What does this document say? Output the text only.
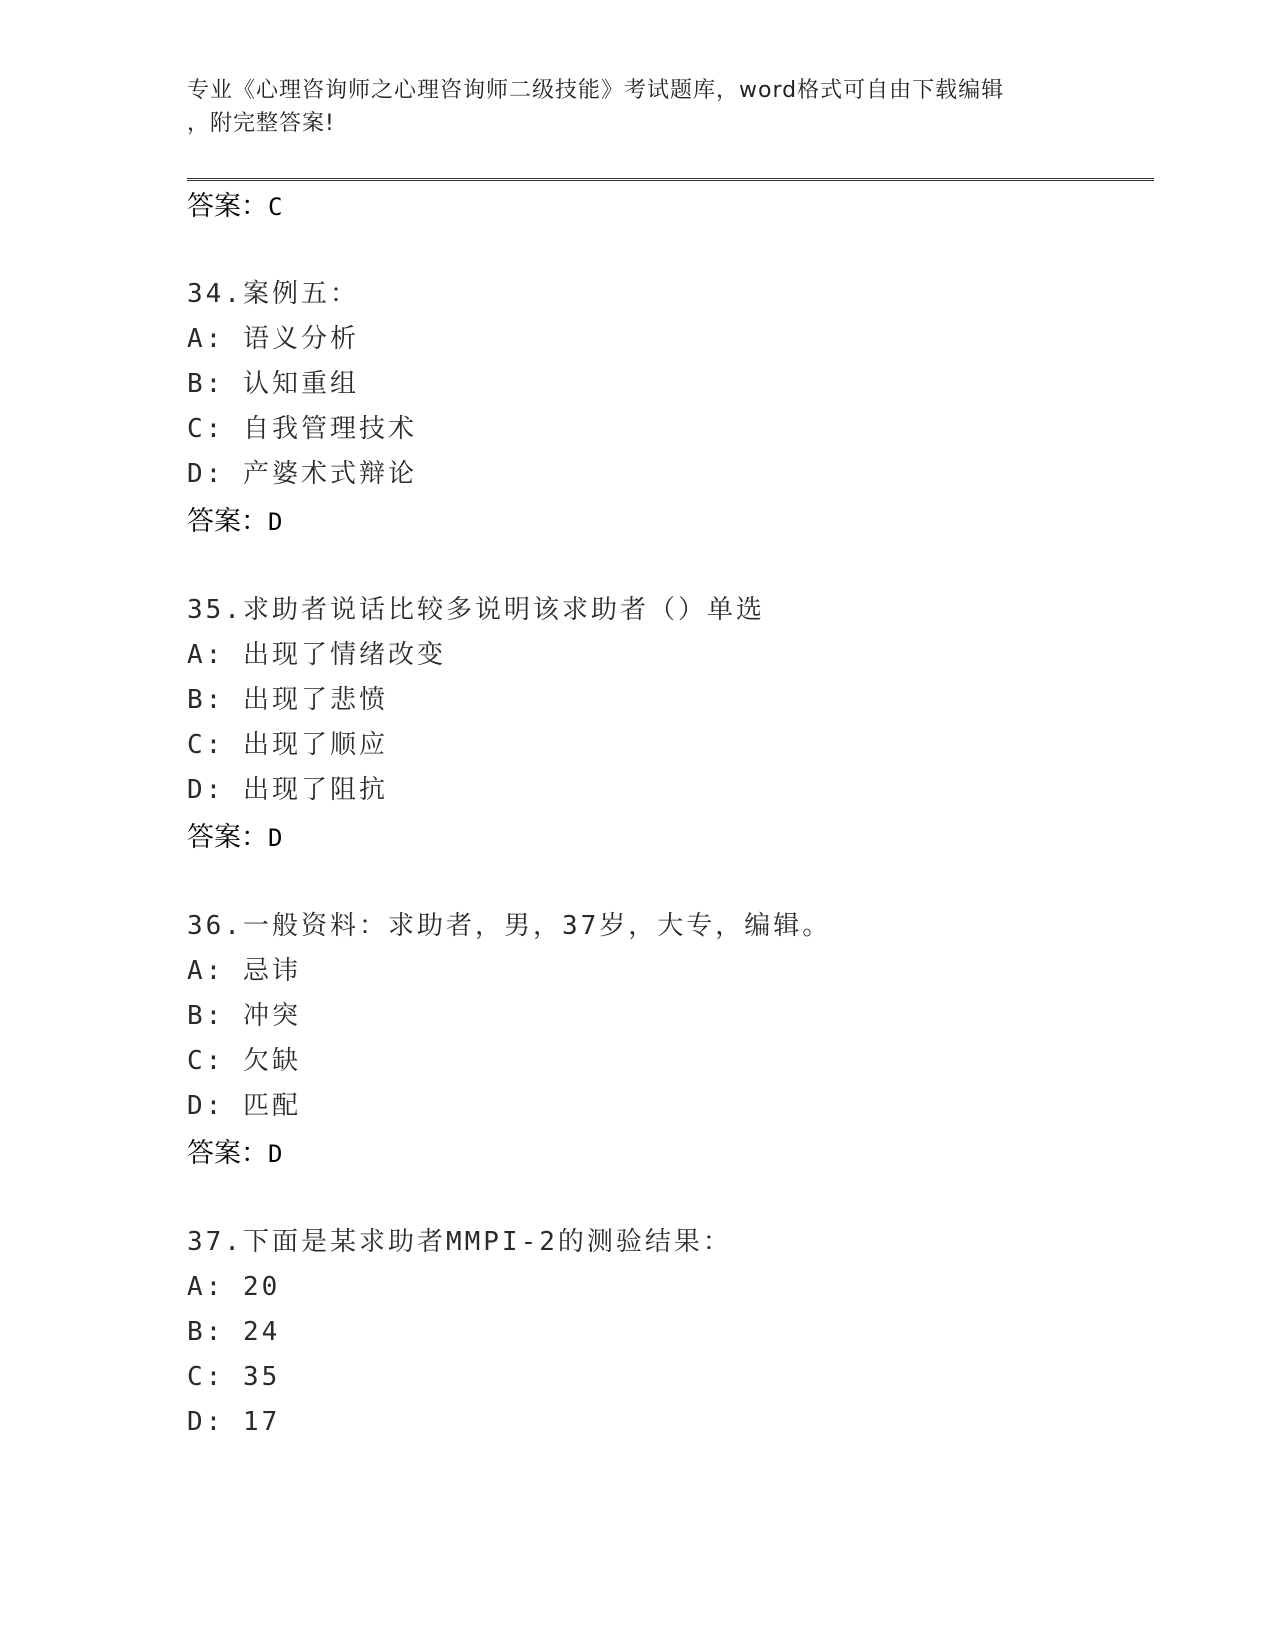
专业《心理咨询师之心理咨询师二级技能》考试题库，word格式可自由下载编辑
，附完整答案!
答案：C
34.案例五：
A: 语义分析
B: 认知重组
C: 自我管理技术
D: 产婆术式辩论
答案：D
35.求助者说话比较多说明该求助者（）单选
A: 出现了情绪改变
B: 出现了悲愤
C: 出现了顺应
D: 出现了阻抗
答案：D
36.一般资料：求助者，男，37岁，大专，编辑。
A: 忌讳
B: 冲突
C: 欠缺
D: 匹配
答案：D
37.下面是某求助者MMPI-2的测验结果：
A: 20
B: 24
C: 35
D: 17
